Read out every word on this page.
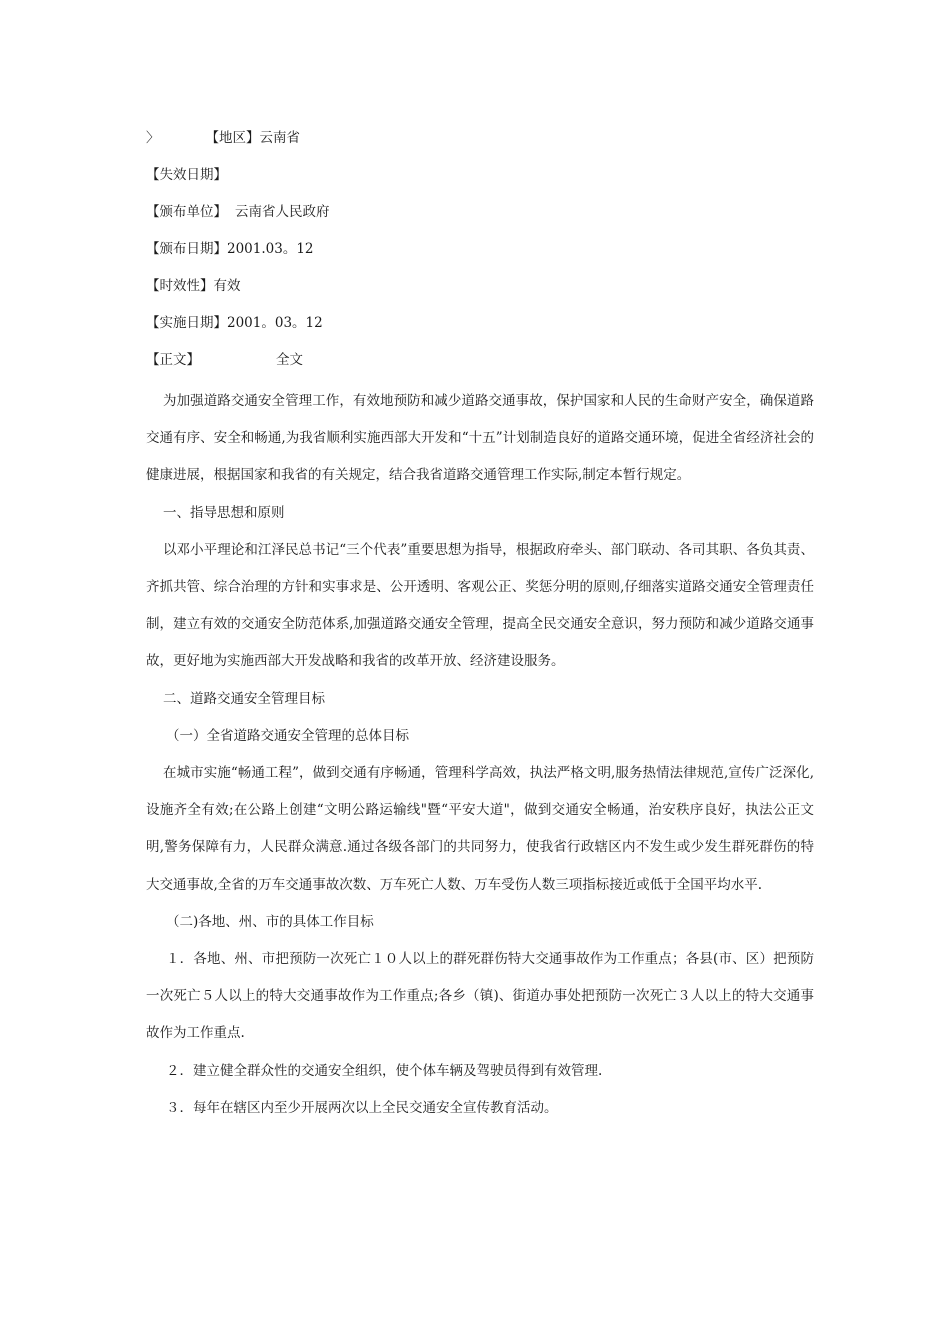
〉	【地区】云南省

【失效日期】

【颁布单位】 云南省人民政府

【颁布日期】2001.03。12

【时效性】有效

【实施日期】2001。03。12

【正文】	全文

为加强道路交通安全管理工作，有效地预防和减少道路交通事故，保护国家和人民的生命财产安全，确保道路交通有序、安全和畅通,为我省顺利实施西部大开发和“十五”计划制造良好的道路交通环境，促进全省经济社会的健康进展，根据国家和我省的有关规定，结合我省道路交通管理工作实际,制定本暂行规定。

一、指导思想和原则

以邓小平理论和江泽民总书记“三个代表”重要思想为指导，根据政府牵头、部门联动、各司其职、各负其责、齐抓共管、综合治理的方针和实事求是、公开透明、客观公正、奖惩分明的原则,仔细落实道路交通安全管理责任制，建立有效的交通安全防范体系,加强道路交通安全管理，提高全民交通安全意识，努力预防和减少道路交通事故，更好地为实施西部大开发战略和我省的改革开放、经济建设服务。

二、道路交通安全管理目标

（一）全省道路交通安全管理的总体目标

在城市实施“畅通工程”，做到交通有序畅通，管理科学高效，执法严格文明,服务热情法律规范,宣传广泛深化,设施齐全有效;在公路上创建“文明公路运输线"暨“平安大道"，做到交通安全畅通，治安秩序良好，执法公正文明,警务保障有力，人民群众满意.通过各级各部门的共同努力，使我省行政辖区内不发生或少发生群死群伤的特大交通事故,全省的万车交通事故次数、万车死亡人数、万车受伤人数三项指标接近或低于全国平均水平.

（二)各地、州、市的具体工作目标

１．各地、州、市把预防一次死亡１０人以上的群死群伤特大交通事故作为工作重点；各县(市、区）把预防一次死亡５人以上的特大交通事故作为工作重点;各乡（镇)、街道办事处把预防一次死亡３人以上的特大交通事故作为工作重点.

２．建立健全群众性的交通安全组织，使个体车辆及驾驶员得到有效管理.

３．每年在辖区内至少开展两次以上全民交通安全宣传教育活动。
